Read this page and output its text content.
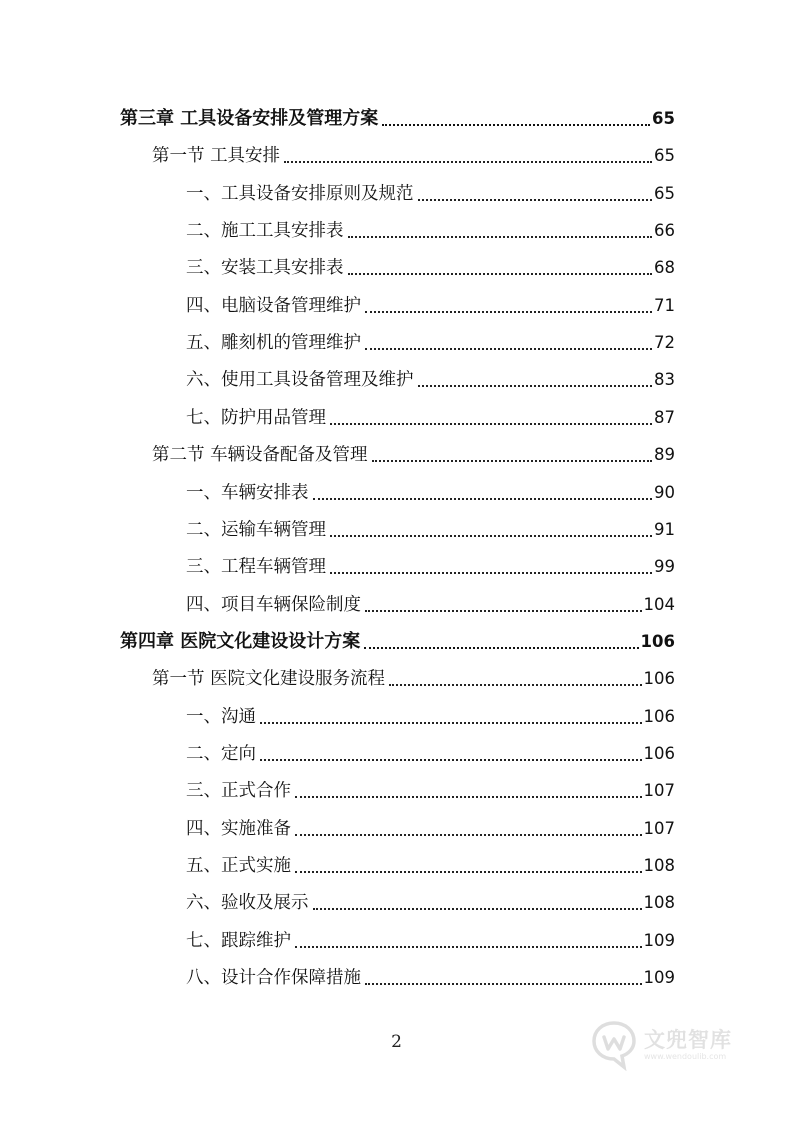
第三章 工具设备安排及管理方案	65
第一节 工具安排	65
一、工具设备安排原则及规范	65
二、施工工具安排表	66
三、安装工具安排表	68
四、电脑设备管理维护	71
五、雕刻机的管理维护	72
六、使用工具设备管理及维护	83
七、防护用品管理	87
第二节 车辆设备配备及管理	89
一、车辆安排表	90
二、运输车辆管理	91
三、工程车辆管理	99
四、项目车辆保险制度	104
第四章 医院文化建设设计方案	106
第一节 医院文化建设服务流程	106
一、沟通	106
二、定向	106
三、正式合作	107
四、实施准备	107
五、正式实施	108
六、验收及展示	108
七、跟踪维护	109
八、设计合作保障措施	109
2	文兜智库
www.wendoulib.com
